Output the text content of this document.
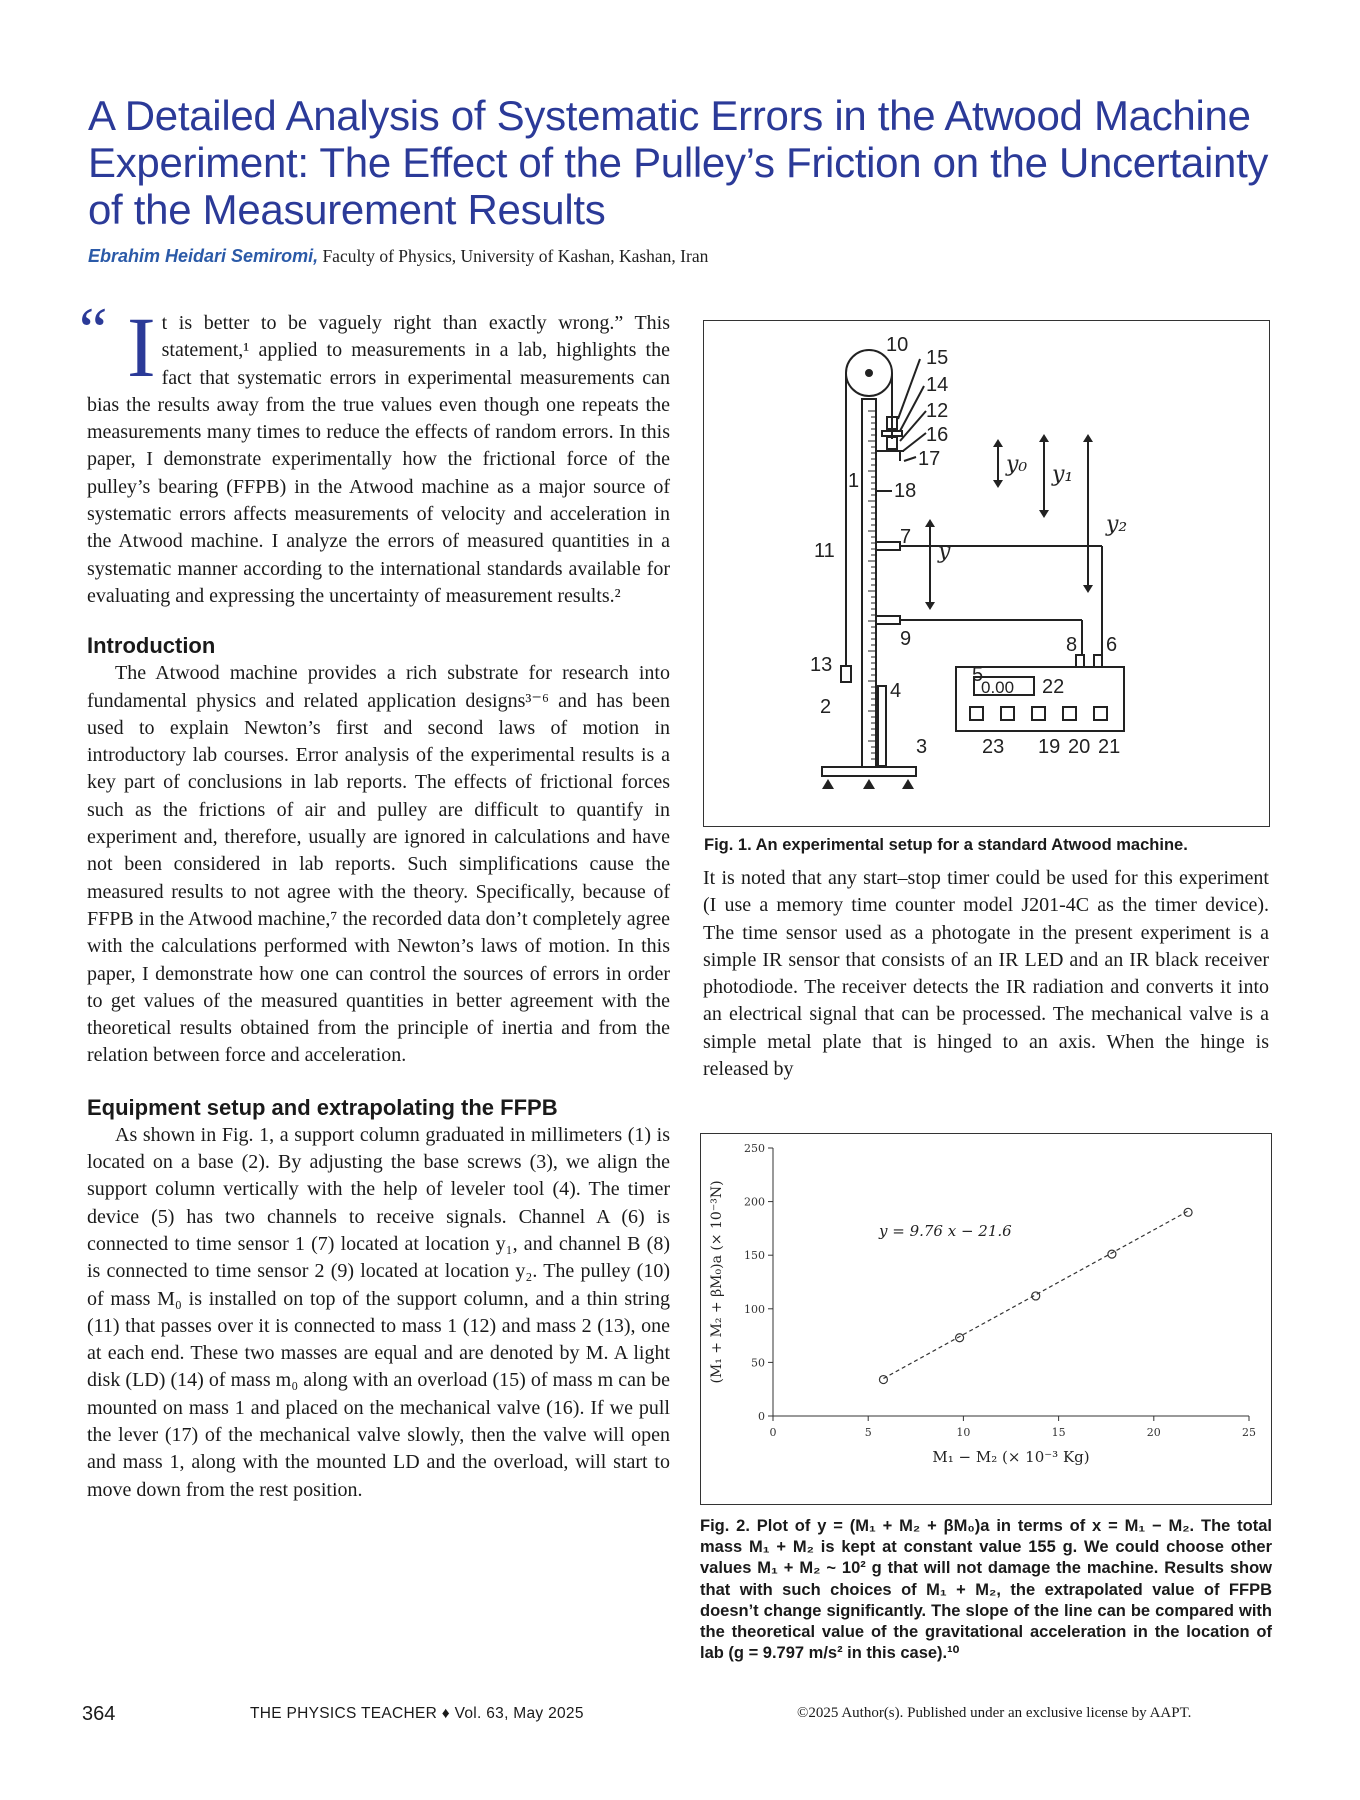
A Detailed Analysis of Systematic Errors in the Atwood Machine Experiment: The Effect of the Pulley’s Friction on the Uncertainty of the Measurement Results
Ebrahim Heidari Semiromi, Faculty of Physics, University of Kashan, Kashan, Iran

“ I t is better to be vaguely right than exactly wrong.” This statement,¹ applied to measurements in a lab, highlights the fact that systematic errors in experimental measurements can bias the results away from the true values even though one repeats the measurements many times to reduce the effects of random errors. In this paper, I demonstrate experimentally how the frictional force of the pulley’s bearing (FFPB) in the Atwood machine as a major source of systematic errors affects measurements of velocity and acceleration in the Atwood machine. I analyze the errors of measured quantities in a systematic manner according to the international standards available for evaluating and expressing the uncertainty of measurement results.²

Introduction

The Atwood machine provides a rich substrate for research into fundamental physics and related application designs³⁻⁶ and has been used to explain Newton’s first and second laws of motion in introductory lab courses. Error analysis of the experimental results is a key part of conclusions in lab reports. The effects of frictional forces such as the frictions of air and pulley are difficult to quantify in experiment and, therefore, usually are ignored in calculations and have not been considered in lab reports. Such simplifications cause the measured results to not agree with the theory. Specifically, because of FFPB in the Atwood machine,⁷ the recorded data don’t completely agree with the calculations performed with Newton’s laws of motion. In this paper, I demonstrate how one can control the sources of errors in order to get values of the measured quantities in better agreement with the theoretical results obtained from the principle of inertia and from the relation between force and acceleration.

Equipment setup and extrapolating the FFPB

As shown in Fig. 1, a support column graduated in millimeters (1) is located on a base (2). By adjusting the base screws (3), we align the support column vertically with the help of leveler tool (4). The timer device (5) has two channels to receive signals. Channel A (6) is connected to time sensor 1 (7) located at location y₁, and channel B (8) is connected to time sensor 2 (9) located at location y₂. The pulley (10) of mass M₀ is installed on top of the support column, and a thin string (11) that passes over it is connected to mass 1 (12) and mass 2 (13), one at each end. These two masses are equal and are denoted by M. A light disk (LD) (14) of mass m₀ along with an overload (15) of mass m can be mounted on mass 1 and placed on the mechanical valve (16). If we pull the lever (17) of the mechanical valve slowly, then the valve will open and mass 1, along with the mounted LD and the overload, will start to move down from the rest position.

10
15
14
12
16
17
18
1
11
7
9
4
13
2
3
5
8 6
22
23 19 20 21
0.00
y₀ y₁
y₂
y
Fig. 1. An experimental setup for a standard Atwood machine.
It is noted that any start–stop timer could be used for this experiment (I use a memory time counter model J201-4C as the timer device). The time sensor used as a photogate in the present experiment is a simple IR sensor that consists of an IR LED and an IR black receiver photodiode. The receiver detects the IR radiation and converts it into an electrical signal that can be processed. The mechanical valve is a simple metal plate that is hinged to an axis. When the hinge is released by
0	5	10	15	20	25
0
50
100
150
200
250
y = 9.76 x − 21.6
M₁ − M₂ (× 10⁻³ Kg)
(M₁ + M₂ + βM₀)a (× 10⁻³N)
Fig. 2. Plot of y = (M₁ + M₂ + βM₀)a in terms of x = M₁ − M₂. The total mass M₁ + M₂ is kept at constant value 155 g. We could choose other values M₁ + M₂ ~ 10² g that will not damage the machine. Results show that with such choices of M₁ + M₂, the extrapolated value of FFPB doesn’t change significantly. The slope of the line can be compared with the theoretical value of the gravitational acceleration in the location of lab (g = 9.797 m/s² in this case).¹⁰
364	THE PHYSICS TEACHER ♦ Vol. 63, May 2025	©2025 Author(s). Published under an exclusive license by AAPT.
